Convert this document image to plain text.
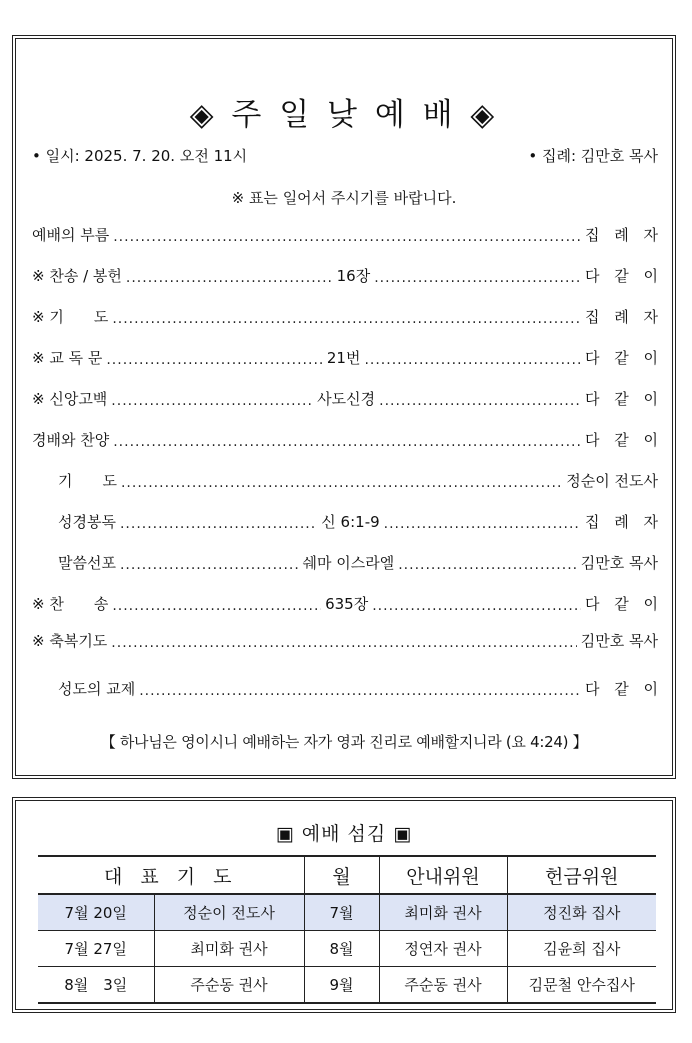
◈ 주 일 낮 예 배 ◈
• 일시: 2025. 7. 20. 오전 11시	• 집례: 김만호 목사
※ 표는 일어서 주시기를 바랍니다.
예배의 부름 .....	집 례 자
※ 찬송 / 봉헌 .....	16장 .....	다 같 이
※ 기　　도 .....	집 례 자
※ 교 독 문 .....	21번 .....	다 같 이
※ 신앙고백 .....	사도신경 .....	다 같 이
경배와 찬양 .....	다 같 이
기　　도 .....	정순이 전도사
성경봉독 .....	신 6:1-9 .....	집 례 자
말씀선포 .....	쉐마 이스라엘 .....	김만호 목사
※ 찬　　송 .....	635장 .....	다 같 이
※ 축복기도 .....	김만호 목사
성도의 교제 .....	다 같 이
【 하나님은 영이시니 예배하는 자가 영과 진리로 예배할지니라 (요 4:24) 】
▣ 예배 섬김 ▣
대 표 기 도		월	안내위원	헌금위원
7월 20일	정순이 전도사	7월	최미화 권사	정진화 집사
7월 27일	최미화 권사	8월	정연자 권사	김윤희 집사
8월　3일	주순동 권사	9월	주순동 권사	김문철 안수집사
